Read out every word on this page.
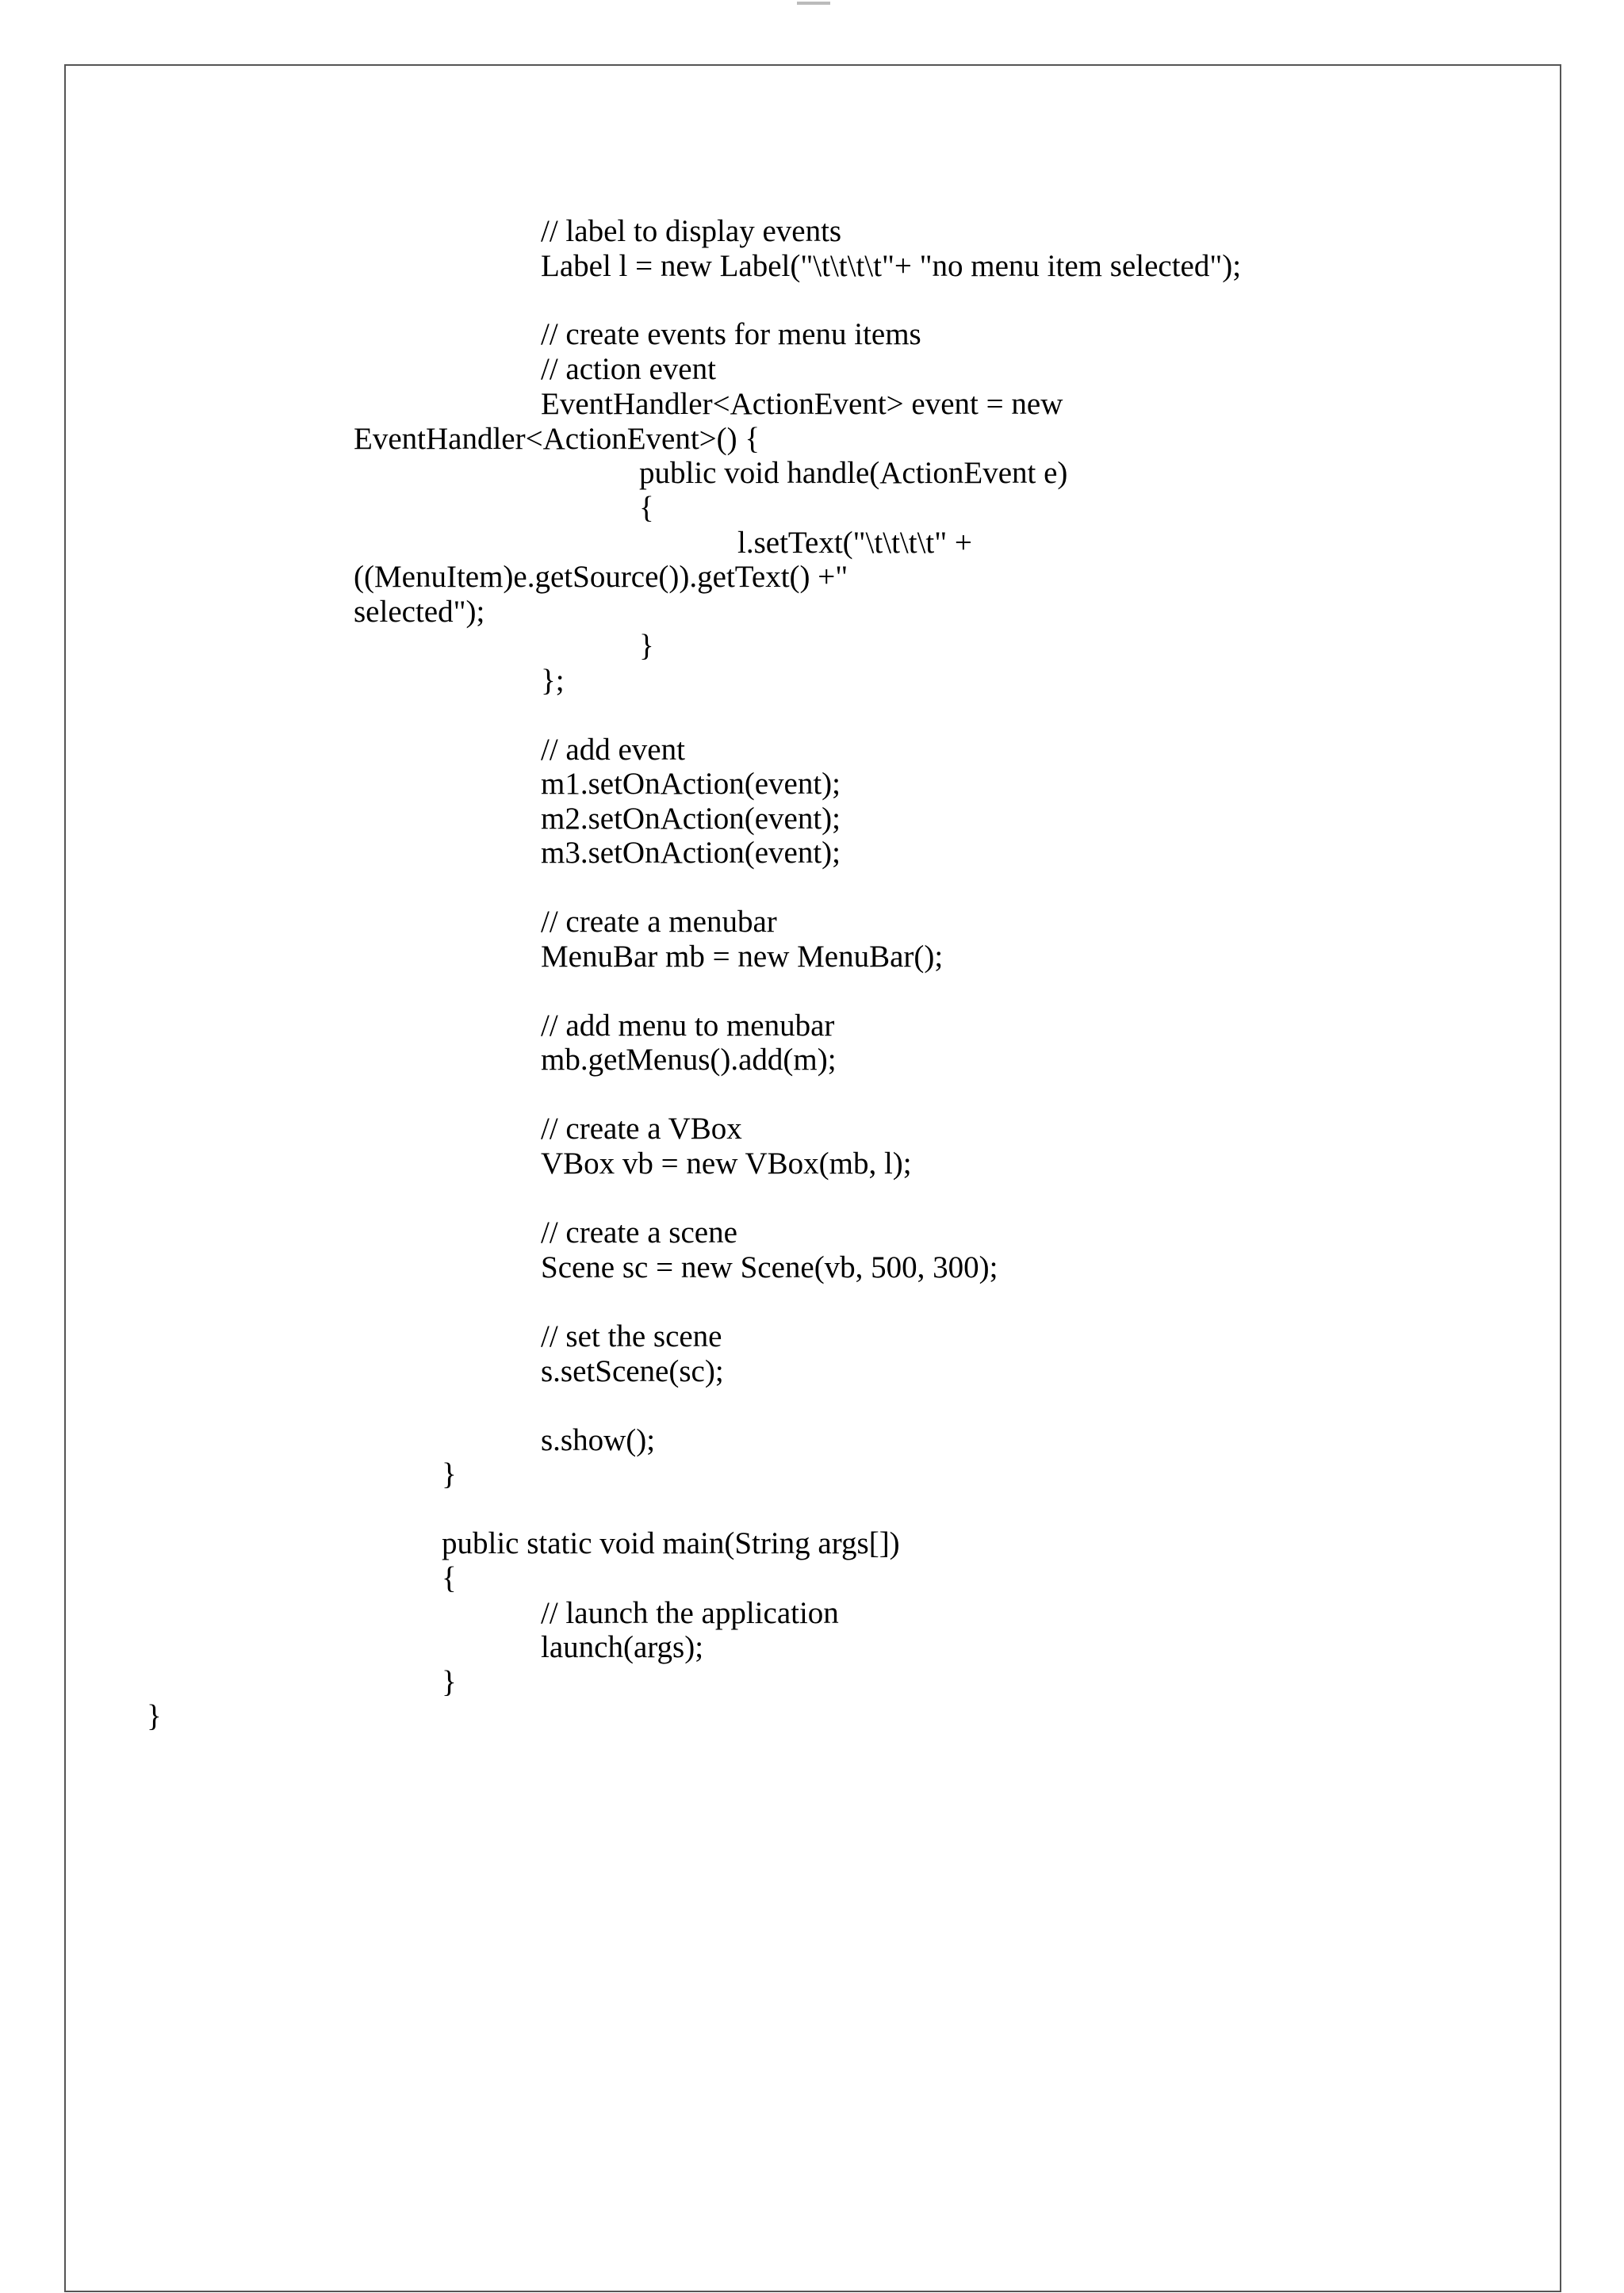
// label to display events

Label l = new Label("\t\t\t\t"+ "no menu item selected");

// create events for menu items

// action event

EventHandler<ActionEvent> event = new

EventHandler<ActionEvent>() {

public void handle(ActionEvent e)

{

l.setText("\t\t\t\t" +

((MenuItem)e.getSource()).getText() +"

selected");

}

};

// add event

m1.setOnAction(event);

m2.setOnAction(event);

m3.setOnAction(event);

// create a menubar

MenuBar mb = new MenuBar();

// add menu to menubar

mb.getMenus().add(m);

// create a VBox

VBox vb = new VBox(mb, l);

// create a scene

Scene sc = new Scene(vb, 500, 300);

// set the scene

s.setScene(sc);

s.show();

}

public static void main(String args[])

{

// launch the application

launch(args);

}

}
